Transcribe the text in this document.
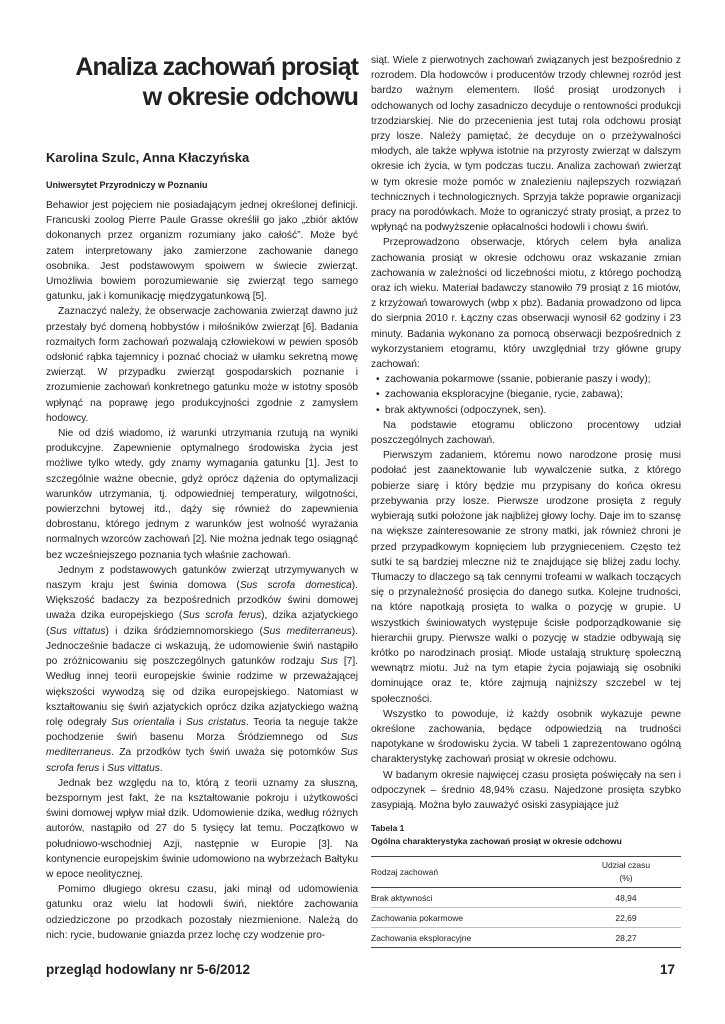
Analiza zachowań prosiąt
w okresie odchowu
Karolina Szulc, Anna Kłaczyńska
Uniwersytet Przyrodniczy w Poznaniu

Behawior jest pojęciem nie posiadającym jednej określonej definicji. Francuski zoolog Pierre Paule Grasse określił go jako „zbiór aktów dokonanych przez organizm rozumiany jako całość”. Może być zatem interpretowany jako zamierzone zachowanie danego osobnika. Jest podstawowym spoiwem w świecie zwierząt. Umożliwia bowiem porozumiewanie się zwierząt tego samego gatunku, jak i komunikację międzygatunkową [5].

Zaznaczyć należy, że obserwacje zachowania zwierząt dawno już przestały być domeną hobbystów i miłośników zwierząt [6]. Badania rozmaitych form zachowań pozwalają człowiekowi w pewien sposób odsłonić rąbka tajemnicy i poznać chociaż w ułamku sekretną mowę zwierząt. W przypadku zwierząt gospodarskich poznanie i zrozumienie zachowań konkretnego gatunku może w istotny sposób wpłynąć na poprawę jego produkcyjności zgodnie z zamysłem hodowcy.

Nie od dziś wiadomo, iż warunki utrzymania rzutują na wyniki produkcyjne. Zapewnienie optymalnego środowiska życia jest możliwe tylko wtedy, gdy znamy wymagania gatunku [1]. Jest to szczególnie ważne obecnie, gdyż oprócz dążenia do optymalizacji warunków utrzymania, tj. odpowiedniej temperatury, wilgotności, powierzchni bytowej itd., dąży się również do zapewnienia dobrostanu, którego jednym z warunków jest wolność wyrażania normalnych wzorców zachowań [2]. Nie można jednak tego osiągnąć bez wcześniejszego poznania tych właśnie zachowań.

Jednym z podstawowych gatunków zwierząt utrzymywanych w naszym kraju jest świnia domowa (Sus scrofa domestica). Większość badaczy za bezpośrednich przodków świni domowej uważa dzika europejskiego (Sus scrofa ferus), dzika azjatyckiego (Sus vittatus) i dzika śródziemnomorskiego (Sus mediterraneus). Jednocześnie badacze ci wskazują, że udomowienie świń nastąpiło po zróżnicowaniu się poszczególnych gatunków rodzaju Sus [7]. Według innej teorii europejskie świnie rodzime w przeważającej większości wywodzą się od dzika europejskiego. Natomiast w kształtowaniu się świń azjatyckich oprócz dzika azjatyckiego ważną rolę odegrały Sus orientalia i Sus cristatus. Teoria ta neguje także pochodzenie świń basenu Morza Śródziemnego od Sus mediterraneus. Za przodków tych świń uważa się potomków Sus scrofa ferus i Sus vittatus.

Jednak bez względu na to, którą z teorii uznamy za słuszną, bezspornym jest fakt, że na kształtowanie pokroju i użytkowości świni domowej wpływ miał dzik. Udomowienie dzika, według różnych autorów, nastąpiło od 27 do 5 tysięcy lat temu. Początkowo w południowo-wschodniej Azji, następnie w Europie [3]. Na kontynencie europejskim świnie udomowiono na wybrzeżach Bałtyku w epoce neolitycznej.

Pomimo długiego okresu czasu, jaki minął od udomowienia gatunku oraz wielu lat hodowli świń, niektóre zachowania odziedziczone po przodkach pozostały niezmienione. Należą do nich: rycie, budowanie gniazda przez lochę czy wodzenie pro-

siąt. Wiele z pierwotnych zachowań związanych jest bezpośrednio z rozrodem. Dla hodowców i producentów trzody chlewnej rozród jest bardzo ważnym elementem. Ilość prosiąt urodzonych i odchowanych od lochy zasadniczo decyduje o rentowności produkcji trzodziarskiej. Nie do przecenienia jest tutaj rola odchowu prosiąt przy losze. Należy pamiętać, że decyduje on o przeżywalności młodych, ale także wpływa istotnie na przyrosty zwierząt w dalszym okresie ich życia, w tym podczas tuczu. Analiza zachowań zwierząt w tym okresie może pomóc w znalezieniu najlepszych rozwiązań technicznych i technologicznych. Sprzyja także poprawie organizacji pracy na porodówkach. Może to ograniczyć straty prosiąt, a przez to wpłynąć na podwyższenie opłacalności hodowli i chowu świń.

Przeprowadzono obserwacje, których celem była analiza zachowania prosiąt w okresie odchowu oraz wskazanie zmian zachowania w zależności od liczebności miotu, z którego pochodzą oraz ich wieku. Materiał badawczy stanowiło 79 prosiąt z 16 miotów, z krzyżowań towarowych (wbp x pbz). Badania prowadzono od lipca do sierpnia 2010 r. Łączny czas obserwacji wynosił 62 godziny i 23 minuty. Badania wykonano za pomocą obserwacji bezpośrednich z wykorzystaniem etogramu, który uwzględniał trzy główne grupy zachowań:

• zachowania pokarmowe (ssanie, pobieranie paszy i wody);
• zachowania eksploracyjne (bieganie, rycie, zabawa);
• brak aktywności (odpoczynek, sen).

Na podstawie etogramu obliczono procentowy udział poszczególnych zachowań.

Pierwszym zadaniem, któremu nowo narodzone prosię musi podołać jest zaanektowanie lub wywalczenie sutka, z którego pobierze siarę i który będzie mu przypisany do końca okresu przebywania przy losze. Pierwsze urodzone prosięta z reguły wybierają sutki położone jak najbliżej głowy lochy. Daje im to szansę na większe zainteresowanie ze strony matki, jak również chroni je przed przypadkowym kopnięciem lub przygnieceniem. Często też sutki te są bardziej mleczne niż te znajdujące się bliżej zadu lochy. Tłumaczy to dlaczego są tak cennymi trofeami w walkach toczących się o przynależność prosięcia do danego sutka. Kolejne trudności, na które napotkają prosięta to walka o pozycję w grupie. U wszystkich świniowatych występuje ścisłe podporządkowanie się hierarchii grupy. Pierwsze walki o pozycję w stadzie odbywają się krótko po narodzinach prosiąt. Młode ustalają strukturę społeczną wewnątrz miotu. Już na tym etapie życia pojawiają się osobniki dominujące oraz te, które zajmują najniższy szczebel w tej społeczności.

Wszystko to powoduje, iż każdy osobnik wykazuje pewne określone zachowania, będące odpowiedzią na trudności napotykane w środowisku życia. W tabeli 1 zaprezentowano ogólną charakterystykę zachowań prosiąt w okresie odchowu.

W badanym okresie najwięcej czasu prosięta poświęcały na sen i odpoczynek – średnio 48,94% czasu. Najedzone prosięta szybko zasypiają. Można było zauważyć osiski zasypiające już

Tabela 1
Ogólna charakterystyka zachowań prosiąt w okresie odchowu
Rodzaj zachowań	Udział czasu
(%)

Brak aktywności	48,94
Zachowania pokarmowe	22,69
Zachowania eksploracyjne	28,27
przegląd hodowlany nr 5-6/2012	17
